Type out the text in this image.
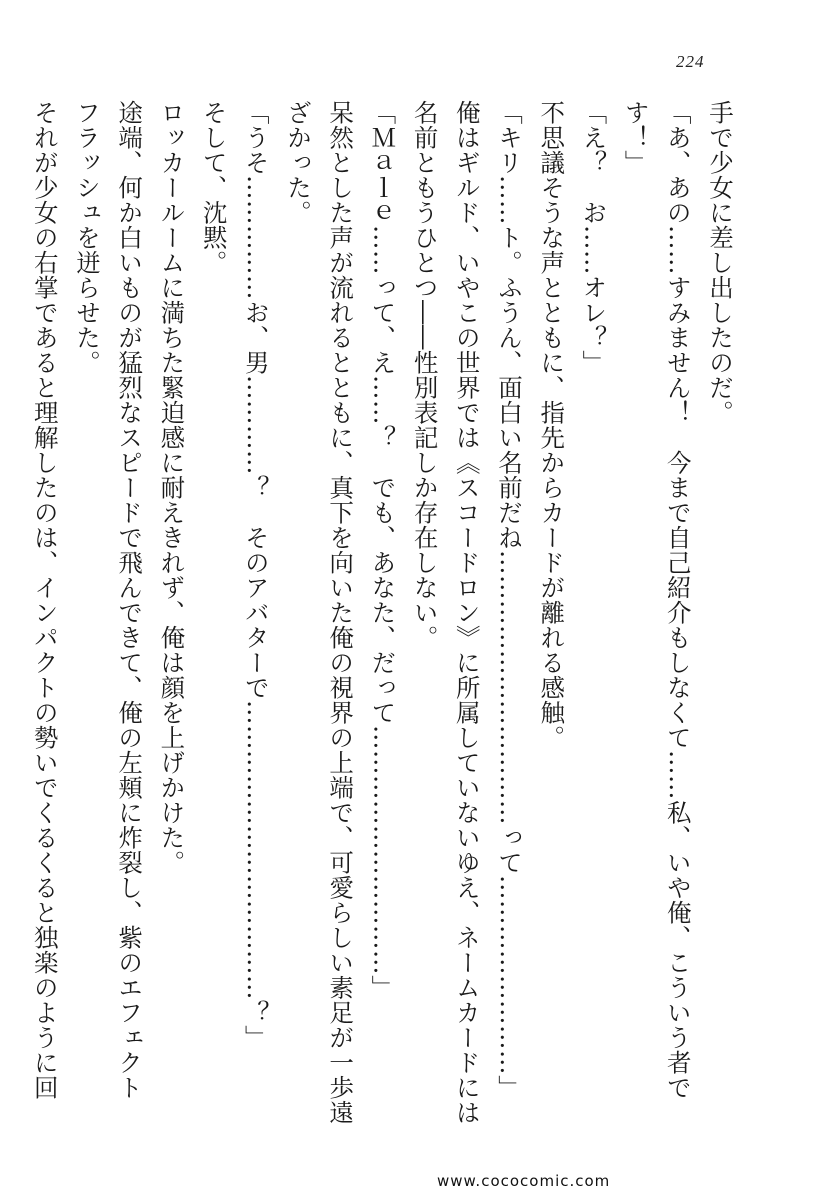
224

手で少女に差し出したのだ。

「あ、あの……すみません！　今まで自己紹介もしなくて……私、いや俺、こういう者で

す！」

「え？　お……オレ？」

不思議そうな声とともに、指先からカードが離れる感触。

「キリ……ト。ふうん、面白い名前だね……………………………って……………………」

俺はギルド、いやこの世界では《スコードロン》に所属していないゆえ、ネームカードには

名前ともうひとつ――性別表記しか存在しない。

「Ｍａｌｅ……って、え……？　でも、あなた、だって…………………………」

呆然とした声が流れるとともに、真下を向いた俺の視界の上端で、可愛らしい素足が一歩遠

ざかった。

「うそ……………お、男…………？　そのアバターで………………………………？」

そして、沈黙。

ロッカールームに満ちた緊迫感に耐えきれず、俺は顔を上げかけた。

途端、何か白いものが猛烈なスピードで飛んできて、俺の左頬に炸裂し、紫のエフェクト

フラッシュを迸らせた。

それが少女の右掌であると理解したのは、インパクトの勢いでくるくると独楽のように回

www.cococomic.com
